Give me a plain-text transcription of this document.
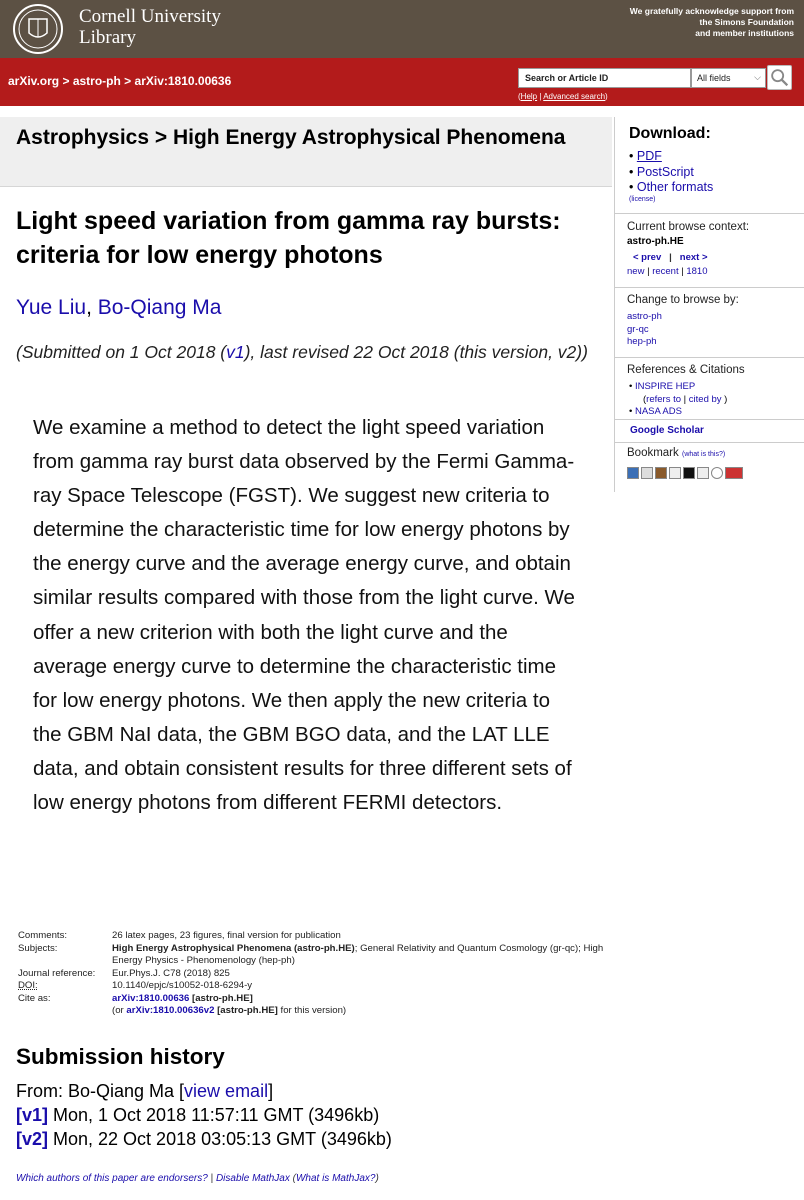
Cornell University
Library
We gratefully acknowledge support from
the Simons Foundation
and member institutions
arXiv.org > astro-ph > arXiv:1810.00636	Search or Article ID	All fields	⌵
(Help | Advanced search)
Astrophysics > High Energy Astrophysical Phenomena
Light speed variation from gamma ray bursts: criteria for low energy photons
Yue Liu, Bo-Qiang Ma
(Submitted on 1 Oct 2018 (v1), last revised 22 Oct 2018 (this version, v2))
We examine a method to detect the light speed variation from gamma ray burst data observed by the Fermi Gamma-ray Space Telescope (FGST). We suggest new criteria to determine the characteristic time for low energy photons by the energy curve and the average energy curve, and obtain similar results compared with those from the light curve. We offer a new criterion with both the light curve and the average energy curve to determine the characteristic time for low energy photons. We then apply the new criteria to the GBM NaI data, the GBM BGO data, and the LAT LLE data, and obtain consistent results for three different sets of low energy photons from different FERMI detectors.
Comments:	26 latex pages, 23 figures, final version for publication
Subjects:	High Energy Astrophysical Phenomena (astro-ph.HE); General Relativity and Quantum Cosmology (gr-qc); High Energy Physics - Phenomenology (hep-ph)
Journal reference:	Eur.Phys.J. C78 (2018) 825
DOI:	10.1140/epjc/s10052-018-6294-y
Cite as:	arXiv:1810.00636 [astro-ph.HE]
(or arXiv:1810.00636v2 [astro-ph.HE] for this version)
Submission history
From: Bo-Qiang Ma [view email]
[v1] Mon, 1 Oct 2018 11:57:11 GMT (3496kb)
[v2] Mon, 22 Oct 2018 03:05:13 GMT (3496kb)
Which authors of this paper are endorsers? | Disable MathJax (What is MathJax?)
Download:
• PDF
• PostScript
• Other formats
(license)
Current browse context:
astro-ph.HE
< prev   |   next >
new | recent | 1810
Change to browse by:
astro-ph
gr-qc
hep-ph
References & Citations
• INSPIRE HEP
(refers to | cited by )
• NASA ADS
Google Scholar
Bookmark (what is this?)
